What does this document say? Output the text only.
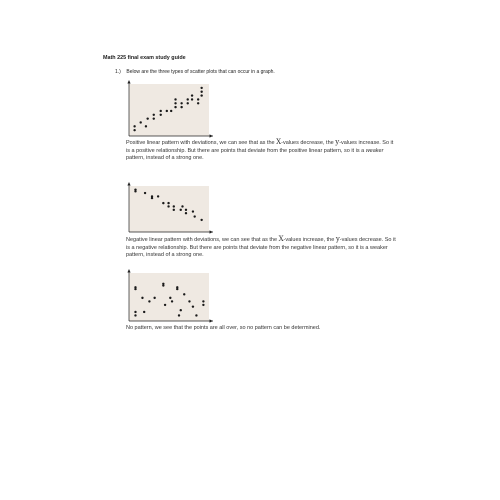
Math 225 final exam study guide
1.) Below are the three types of scatter plots that can occur in a graph.
Positive linear pattern with deviations, we can see that as the X-values decrease, the y-values increase. So it is a positive relationship. But there are points that deviate from the positive linear pattern, so it is a weaker pattern, instead of a strong one.
Negative linear pattern with deviations, we can see that as the X-values increase, the y-values decrease. So it is a negative relationship. But there are points that deviate from the negative linear pattern, so it is a weaker pattern, instead of a strong one.
No pattern, we see that the points are all over, so no pattern can be determined.
